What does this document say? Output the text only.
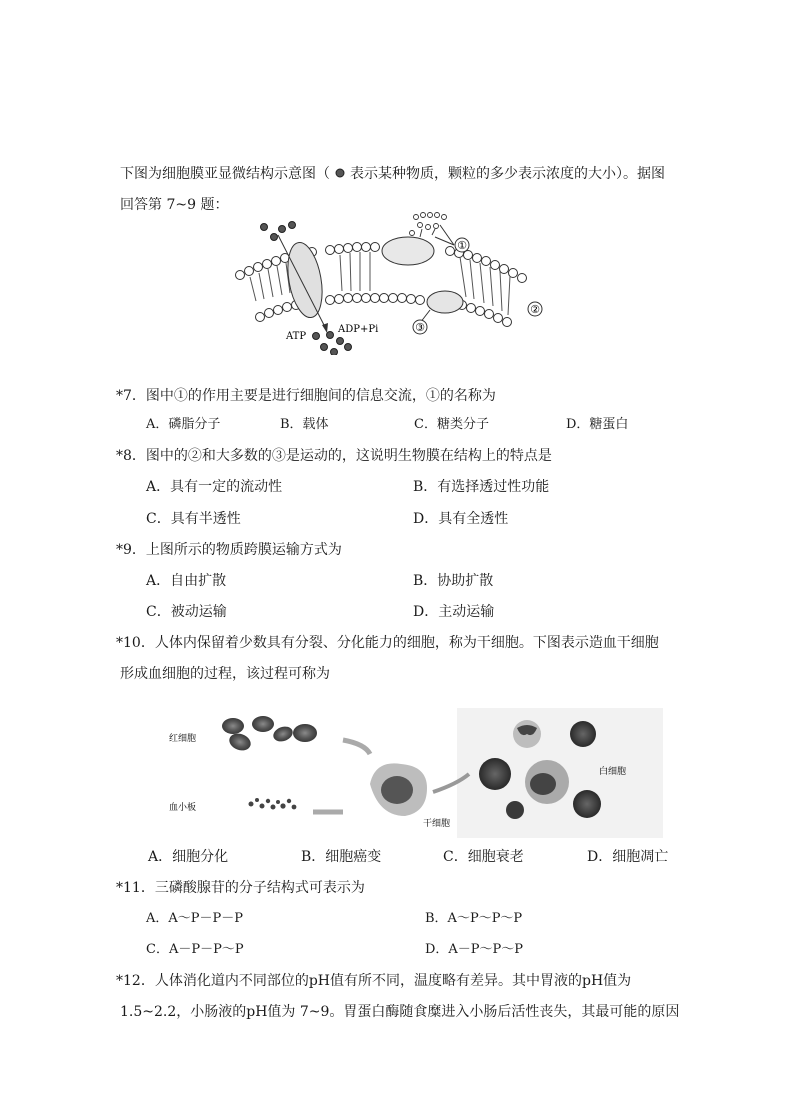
下图为细胞膜亚显微结构示意图（ 表示某种物质，颗粒的多少表示浓度的大小）。据图
回答第 7~9 题：
①
③
②
ATP
ADP+Pi
*7．图中①的作用主要是进行细胞间的信息交流，①的名称为
A．磷脂分子	B．载体	C．糖类分子	D．糖蛋白
*8．图中的②和大多数的③是运动的，这说明生物膜在结构上的特点是
A．具有一定的流动性	B．有选择透过性功能
C．具有半透性	D．具有全透性
*9．上图所示的物质跨膜运输方式为
A．自由扩散	B．协助扩散
C．被动运输	D．主动运输
*10．人体内保留着少数具有分裂、分化能力的细胞，称为干细胞。下图表示造血干细胞
形成血细胞的过程，该过程可称为
红细胞
血小板
干细胞
白细胞
A．细胞分化	B．细胞癌变	C．细胞衰老	D．细胞凋亡
*11．三磷酸腺苷的分子结构式可表示为
A．A～P－P－P	B．A～P～P～P
C．A－P－P～P	D．A－P～P～P
*12．人体消化道内不同部位的pH值有所不同，温度略有差异。其中胃液的pH值为
1.5~2.2，小肠液的pH值为 7~9。胃蛋白酶随食糜进入小肠后活性丧失，其最可能的原因
